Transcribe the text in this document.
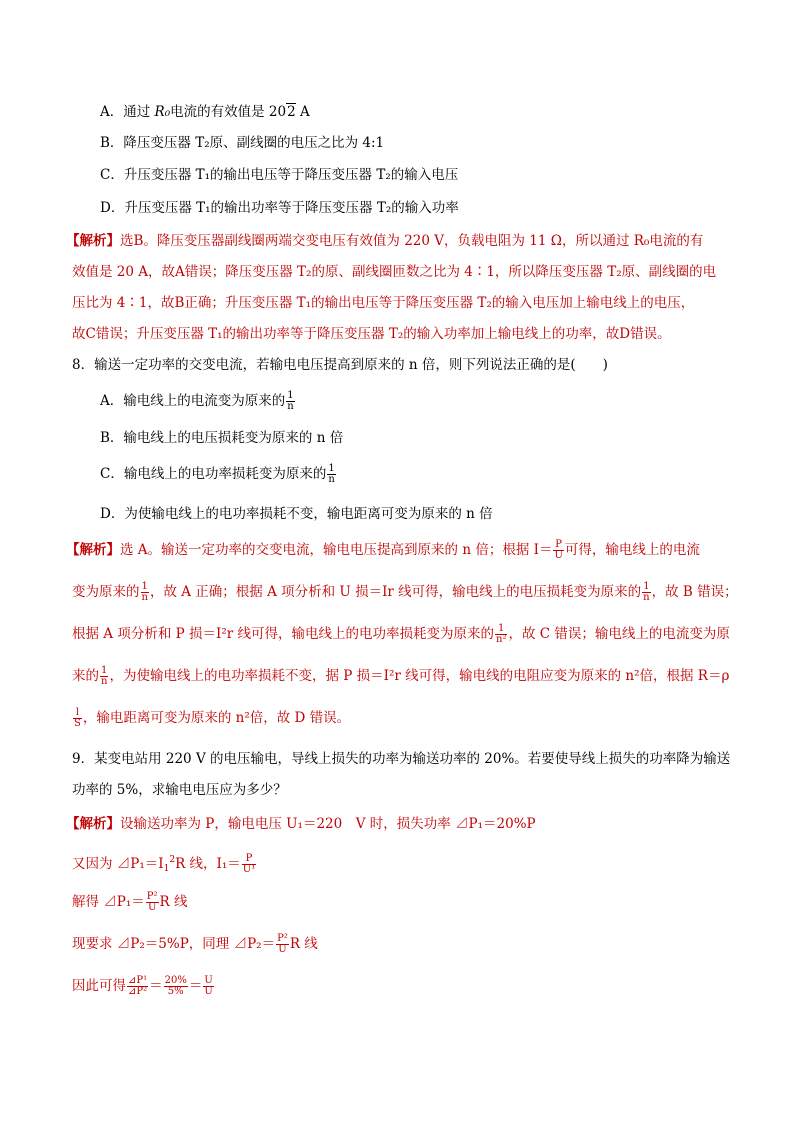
A．通过 R₀电流的有效值是 202 A
B．降压变压器 T₂原、副线圈的电压之比为 4:1
C．升压变压器 T₁的输出电压等于降压变压器 T₂的输入电压
D．升压变压器 T₁的输出功率等于降压变压器 T₂的输入功率
【解析】选B。降压变压器副线圈两端交变电压有效值为 220 V，负载电阻为 11 Ω，所以通过 R₀电流的有
效值是 20 A，故A错误；降压变压器 T₂的原、副线圈匝数之比为 4∶1，所以降压变压器 T₂原、副线圈的电
压比为 4∶1，故B正确；升压变压器 T₁的输出电压等于降压变压器 T₂的输入电压加上输电线上的电压，
故C错误；升压变压器 T₁的输出功率等于降压变压器 T₂的输入功率加上输电线上的功率，故D错误。
8．输送一定功率的交变电流，若输电电压提高到原来的 n 倍，则下列说法正确的是(　　)
A．输电线上的电流变为原来的 $\frac{1}{n}$
B．输电线上的电压损耗变为原来的 n 倍
C．输电线上的电功率损耗变为原来的 $\frac{1}{n}$
D．为使输电线上的电功率损耗不变，输电距离可变为原来的 n 倍
【解析】选 A。输送一定功率的交变电流，输电电压提高到原来的 n 倍；根据 $I= \frac{P}{U}$ 可得，输电线上的电流
变为原来的 $\frac{1}{n}$ ，故 A 正确；根据 A 项分析和 U 损＝Ir 线可得，输电线上的电压损耗变为原来的 $\frac{1}{n}$ ，故 B 错误；
根据 A 项分析和 P 损＝I²r 线可得，输电线上的电功率损耗变为原来的 $\frac{1}{\text{n²}}$ ，故 C 错误；输电线上的电流变为原
来的 $\frac{1}{n}$ ，为使输电线上的电功率损耗不变，据 P 损＝I²r 线可得，输电线的电阻应变为原来的 n²倍，根据 R＝ρ
$\frac{l}{S}$ ，输电距离可变为原来的 n²倍，故 D 错误。
9．某变电站用 220 V 的电压输电，导线上损失的功率为输送功率的 20%。若要使导线上损失的功率降为输送
功率的 5%，求输电电压应为多少？
【解析】设输送功率为 P，输电电压 U₁＝220　V 时，损失功率 ⊿P₁＝20%P
又因为 $⊿P_1=I_1^2R$ 线，$I_1= \frac{P}{\text{U¹}}$
解得 ⊿P₁＝ $\frac{\text{P²}}{U}$ R 线
现要求 ⊿P₂＝5%P，同理 ⊿P₂＝ $\frac{\text{P²}}{U}$ R 线
因此可得 $\frac{\text{⊿P¹}}{\text{⊿P²}} = \frac{20\%}{5\%} = \frac{U}{U}$
